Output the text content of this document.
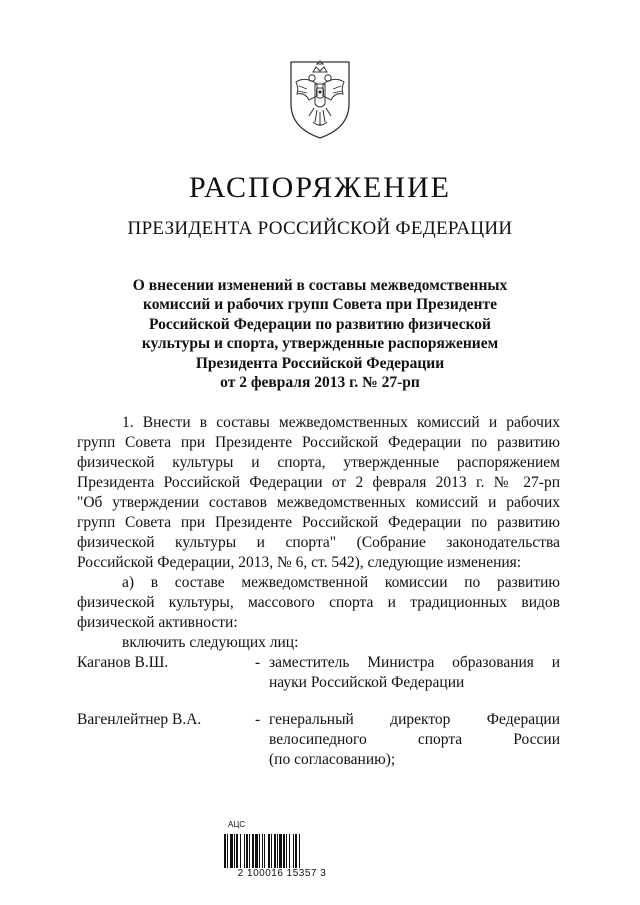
РАСПОРЯЖЕНИЕ
ПРЕЗИДЕНТА РОССИЙСКОЙ ФЕДЕРАЦИИ
О внесении изменений в составы межведомственных
комиссий и рабочих групп Совета при Президенте
Российской Федерации по развитию физической
культуры и спорта, утвержденные распоряжением
Президента Российской Федерации
от 2 февраля 2013 г. № 27-рп
1. Внести в составы межведомственных комиссий и рабочих
групп Совета при Президенте Российской Федерации по развитию
физической культуры и спорта, утвержденные распоряжением
Президента Российской Федерации от 2 февраля 2013 г. № 27-рп
"Об утверждении составов межведомственных комиссий и рабочих
групп Совета при Президенте Российской Федерации по развитию
физической культуры и спорта" (Собрание законодательства
Российской Федерации, 2013, № 6, ст. 542), следующие изменения:
а) в составе межведомственной комиссии по развитию
физической культуры, массового спорта и традиционных видов
физической активности:
включить следующих лиц:
Каганов В.Ш.	- заместитель Министра образования и
науки Российской Федерации
Вагенлейтнер В.А.	- генеральный директор Федерации
велосипедного спорта России
(по согласованию);
АЦС
2 100016 15357 3
